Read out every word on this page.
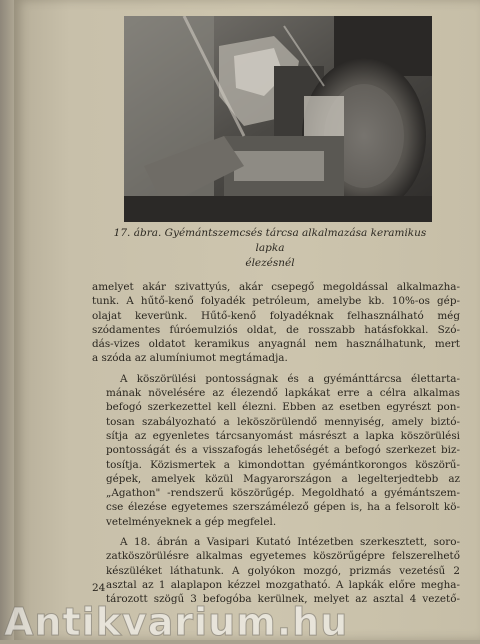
17. ábra. Gyémántszemcsés tárcsa alkalmazása keramikus lapka
élezésnél

amelyet akár szivattyús, akár csepegő megoldással alkalmazha-
tunk. A hűtő-kenő folyadék petróleum, amelybe kb. 10%-os gép-
olajat keverünk. Hűtő-kenő folyadéknak felhasználható még
szódamentes fúróemulziós oldat, de rosszabb hatásfokkal. Szó-
dás-vizes oldatot keramikus anyagnál nem használhatunk, mert
a szóda az alumíniumot megtámadja.

A köszörülési pontosságnak és a gyémánttárcsa élettarta-
mának növelésére az élezendő lapkákat erre a célra alkalmas
befogó szerkezettel kell élezni. Ebben az esetben egyrészt pon-
tosan szabályozható a leköszörülendő mennyiség, amely biztó-
sítja az egyenletes tárcsanyomást másrészt a lapka köszörülési
pontosságát és a visszafogás lehetőségét a befogó szerkezet biz-
tosítja. Közismertek a kimondottan gyémántkorongos köszörű-
gépek, amelyek közül Magyarországon a legelterjedtebb az
„Agathon" -rendszerű köszörűgép. Megoldható a gyémántszem-
cse élezése egyetemes szerszámélező gépen is, ha a felsorolt kö-
vetelményeknek a gép megfelel.

A 18. ábrán a Vasipari Kutató Intézetben szerkesztett, soro-
zatköszörülésre alkalmas egyetemes köszörűgépre felszerelhető
készüléket láthatunk. A golyókon mozgó, prizmás vezetésű 2
asztal az 1 alaplapon kézzel mozgatható. A lapkák előre megha-
tározott szögű 3 befogóba kerülnek, melyet az asztal 4 vezető-

24
Antikvarium.hu
